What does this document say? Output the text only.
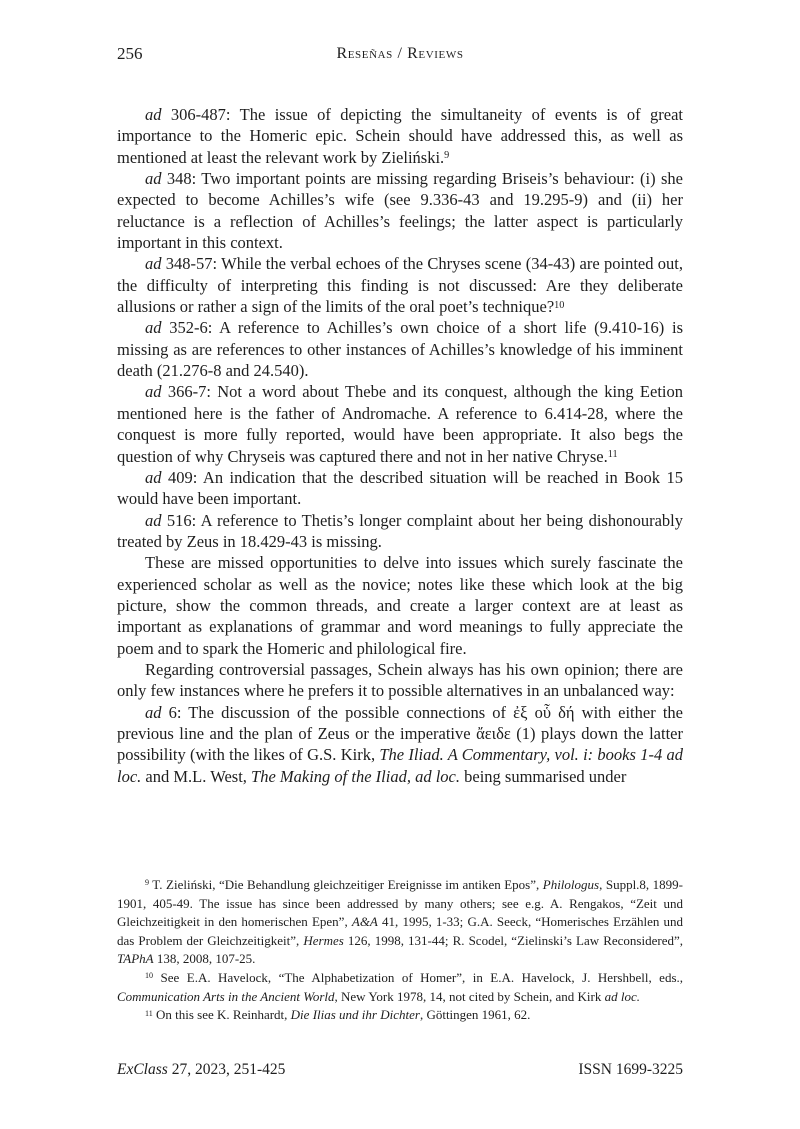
256	Reseñas / Reviews

ad 306-487: The issue of depicting the simultaneity of events is of great importance to the Homeric epic. Schein should have addressed this, as well as mentioned at least the relevant work by Zieliński.$^9$

ad 348: Two important points are missing regarding Briseis’s behaviour: (i) she expected to become Achilles’s wife (see 9.336-43 and 19.295-9) and (ii) her reluctance is a reflection of Achilles’s feelings; the latter aspect is particularly important in this context.

ad 348-57: While the verbal echoes of the Chryses scene (34-43) are pointed out, the difficulty of interpreting this finding is not discussed: Are they deliberate allusions or rather a sign of the limits of the oral poet’s technique?$^{10}$

ad 352-6: A reference to Achilles’s own choice of a short life (9.410-16) is missing as are references to other instances of Achilles’s knowledge of his imminent death (21.276-8 and 24.540).

ad 366-7: Not a word about Thebe and its conquest, although the king Eetion mentioned here is the father of Andromache. A reference to 6.414-28, where the conquest is more fully reported, would have been appropriate. It also begs the question of why Chryseis was captured there and not in her native Chryse.$^{11}$

ad 409: An indication that the described situation will be reached in Book 15 would have been important.

ad 516: A reference to Thetis’s longer complaint about her being dishonourably treated by Zeus in 18.429-43 is missing.

These are missed opportunities to delve into issues which surely fascinate the experienced scholar as well as the novice; notes like these which look at the big picture, show the common threads, and create a larger context are at least as important as explanations of grammar and word meanings to fully appreciate the poem and to spark the Homeric and philological fire.

Regarding controversial passages, Schein always has his own opinion; there are only few instances where he prefers it to possible alternatives in an unbalanced way:

ad 6: The discussion of the possible connections of ἐξ οὗ δή with either the previous line and the plan of Zeus or the imperative ἄειδε (1) plays down the latter possibility (with the likes of G.S. Kirk, The Iliad. A Commentary, vol. i: books 1-4 ad loc. and M.L. West, The Making of the Iliad, ad loc. being summarised under

$^9$ T. Zieliński, “Die Behandlung gleichzeitiger Ereignisse im antiken Epos”, Philologus, Suppl.8, 1899-1901, 405-49. The issue has since been addressed by many others; see e.g. A. Rengakos, “Zeit und Gleichzeitigkeit in den homerischen Epen”, A&A 41, 1995, 1-33; G.A. Seeck, “Homerisches Erzählen und das Problem der Gleichzeitigkeit”, Hermes 126, 1998, 131-44; R. Scodel, “Zielinski’s Law Reconsidered”, TAPhA 138, 2008, 107-25.

$^{10}$ See E.A. Havelock, “The Alphabetization of Homer”, in E.A. Havelock, J. Hershbell, eds., Communication Arts in the Ancient World, New York 1978, 14, not cited by Schein, and Kirk ad loc.

$^{11}$ On this see K. Reinhardt, Die Ilias und ihr Dichter, Göttingen 1961, 62.

ExClass 27, 2023, 251-425	ISSN 1699-3225
